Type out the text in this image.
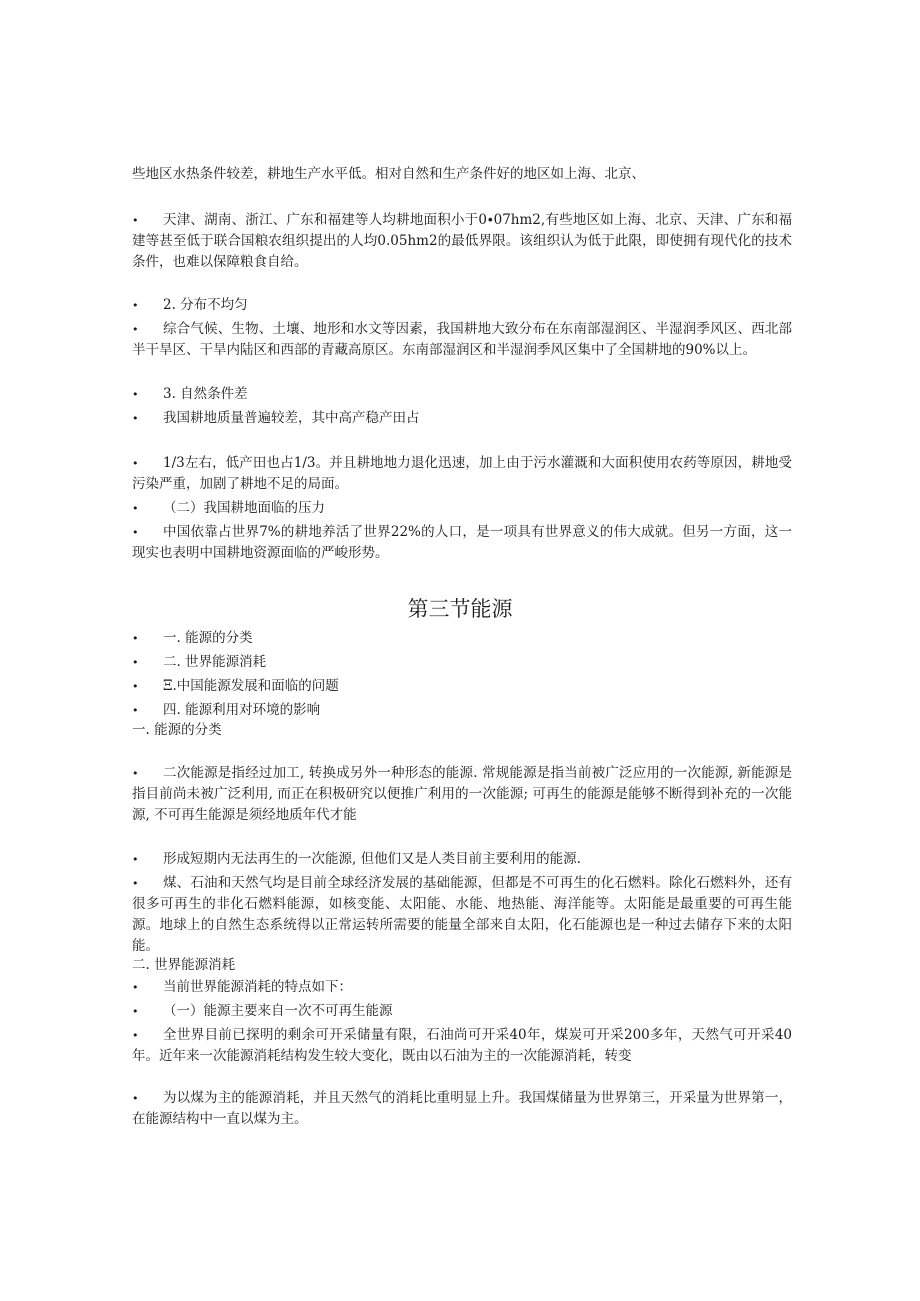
些地区水热条件较差，耕地生产水平低。相对自然和生产条件好的地区如上海、北京、
•	天津、湖南、浙江、广东和福建等人均耕地面积小于0∙07hm2,有些地区如上海、北京、天津、广东和福建等甚至低于联合国粮农组织提出的人均0.05hm2的最低界限。该组织认为低于此限，即使拥有现代化的技术条件，也难以保障粮食自给。
•	2. 分布不均匀
•	综合气候、生物、土壤、地形和水文等因素，我国耕地大致分布在东南部湿润区、半湿润季风区、西北部半干旱区、干旱内陆区和西部的青藏高原区。东南部湿润区和半湿润季风区集中了全国耕地的90%以上。
•	3. 自然条件差
•	我国耕地质量普遍较差，其中高产稳产田占
•	1/3左右，低产田也占1/3。并且耕地地力退化迅速，加上由于污水灌溉和大面积使用农药等原因，耕地受污染严重，加剧了耕地不足的局面。
•	（二）我国耕地面临的压力
•	中国依靠占世界7%的耕地养活了世界22%的人口，是一项具有世界意义的伟大成就。但另一方面，这一现实也表明中国耕地资源面临的严峻形势。
第三节能源
•	一. 能源的分类
•	二. 世界能源消耗
•	Ξ.中国能源发展和面临的问题
•	四. 能源利用对环境的影响
一. 能源的分类
•	二次能源是指经过加工, 转换成另外一种形态的能源. 常规能源是指当前被广泛应用的一次能源, 新能源是指目前尚未被广泛利用, 而正在积极研究以便推广利用的一次能源; 可再生的能源是能够不断得到补充的一次能源, 不可再生能源是须经地质年代才能
•	形成短期内无法再生的一次能源, 但他们又是人类目前主要利用的能源.
•	煤、石油和天然气均是目前全球经济发展的基础能源，但都是不可再生的化石燃料。除化石燃料外，还有很多可再生的非化石燃料能源，如核变能、太阳能、水能、地热能、海洋能等。太阳能是最重要的可再生能源。地球上的自然生态系统得以正常运转所需要的能量全部来自太阳，化石能源也是一种过去储存下来的太阳能。
二. 世界能源消耗
•	当前世界能源消耗的特点如下：
•	（一）能源主要来自一次不可再生能源
•	全世界目前已探明的剩余可开采储量有限，石油尚可开采40年，煤炭可开采200多年，天然气可开采40年。近年来一次能源消耗结构发生较大变化，既由以石油为主的一次能源消耗，转变
•	为以煤为主的能源消耗，并且天然气的消耗比重明显上升。我国煤储量为世界第三，开采量为世界第一，在能源结构中一直以煤为主。
